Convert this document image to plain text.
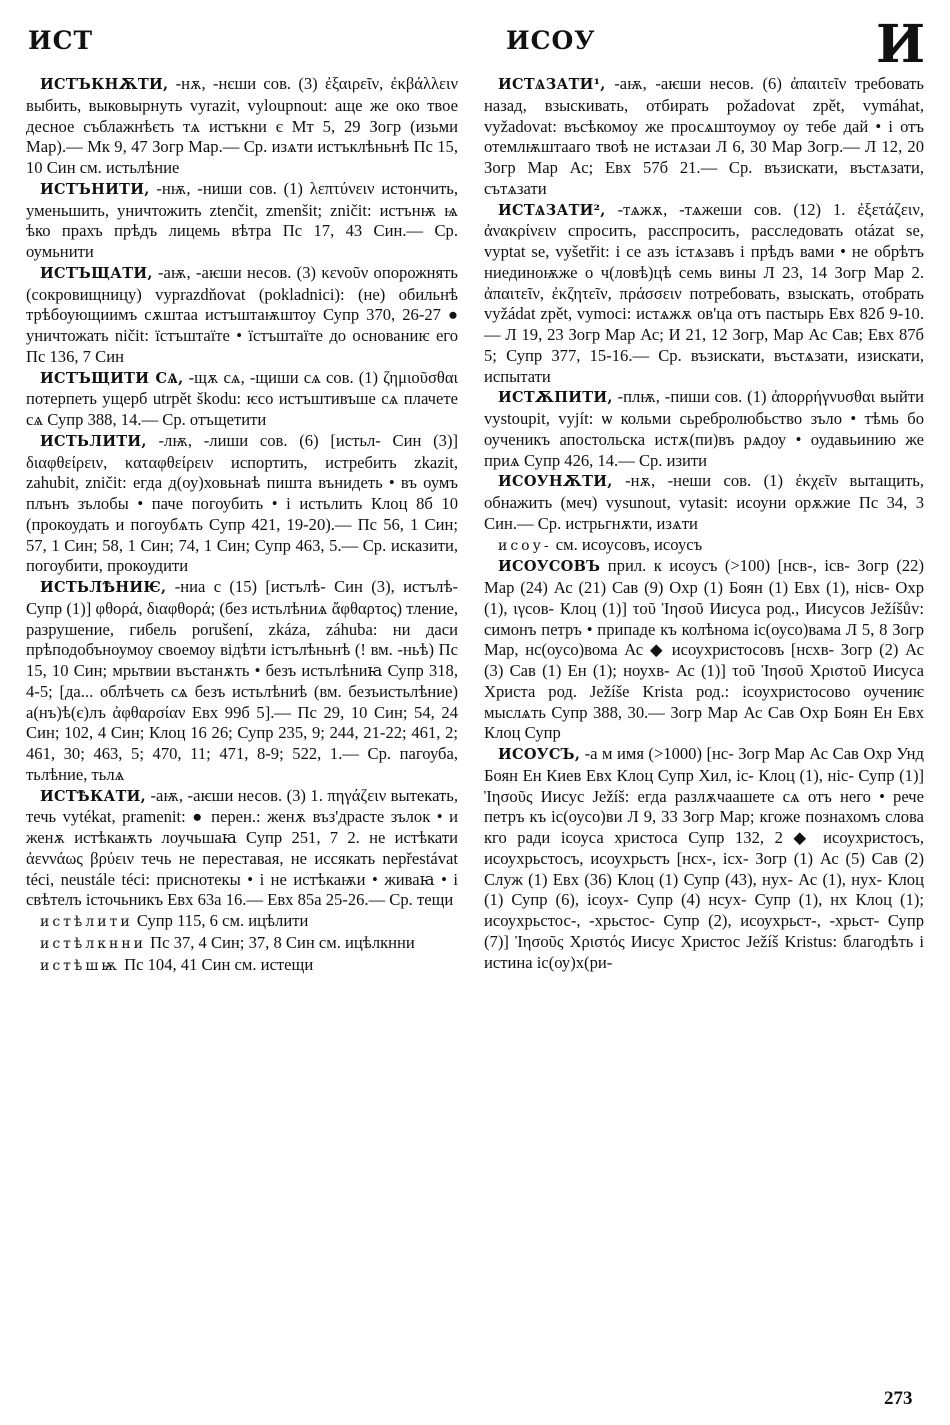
ИСТ	ИСОУ	И

ИСТЪКНѪТИ, -нѫ, -нєши сов. (3) ἐξαιρεῖν, ἐκβάλλειν выбить, выковырнуть vyrazit, vyloupnout: аще же око твое десное съблажнѣєть тѧ истъкни є Мт 5, 29 Зогр (изьми Мар).— Мк 9, 47 Зогр Мар.— Ср. изѧти истъклѣньнѣ Пс 15, 10 Син см. истьлѣние

ИСТЪНИТИ, -нѭ, -ниши сов. (1) λεπτύνειν истончить, уменьшить, уничтожить ztenčit, zmenšit; zničit: истънѭ ѩ ѣко прахъ прѣдъ лицемь вѣтра Пс 17, 43 Син.— Ср. оумьнити

ИСТЪЩАТИ, -аѭ, -аѥши несов. (3) κενοῦν опорожнять (сокровищницу) vyprazdňovat (pokladnici): (не) обильнѣ трѣбоующиимъ сѫштаа истъштаѭштоу Супр 370, 26-27 ● уничтожать ničit: їстъштаїте • їстъштаїте до основаниѥ его Пс 136, 7 Син

ИСТЪЩИТИ СѦ, -щѫ сѧ, -щиши сѧ сов. (1) ζημιοῦσθαι потерпеть ущерб utrpět škodu: ѥсо истъштивъше сѧ плачете сѧ Супр 388, 14.— Ср. отъщетити

ИСТЬЛИТИ, -лѭ, -лиши сов. (6) [истьл- Син (3)] διαφθείρειν, καταφθείρειν испортить, истребить zkazit, zahubit, zničit: егда д(оу)ховьнаѣ пишта вънидеть • въ оумъ плънъ зълобы • паче погоубить • і истьлить Клоц 8б 10 (прокоудать и погоубѧть Супр 421, 19-20).— Пс 56, 1 Син; 57, 1 Син; 58, 1 Син; 74, 1 Син; Супр 463, 5.— Ср. исказити, погоубити, прокоудити

ИСТЬЛѢНИѤ, -ниа с (15) [истълѣ- Син (3), истълѣ- Супр (1)] φθορά, διαφθορά; (без истьлѣниѧ ἄφθαρτος) тление, разрушение, гибель porušení, zkáza, záhuba: ни даси прѣподобъноумоу своемоу відѣти істълѣньнѣ (! вм. -ньѣ) Пс 15, 10 Син; мрьтвии въстанѫть • безъ истьлѣниꙗ Супр 318, 4-5; [да... облѣчеть сѧ безъ истьлѣниѣ (вм. безъистьлѣние) а(нъ)ѣ(є)лъ ἀφθαρσίαν Евх 99б 5].— Пс 29, 10 Син; 54, 24 Син; 102, 4 Син; Клоц 16 26; Супр 235, 9; 244, 21-22; 461, 2; 461, 30; 463, 5; 470, 11; 471, 8-9; 522, 1.— Ср. пагоуба, тьлѣние, тьлѧ

ИСТѢКАТИ, -аѭ, -аѥши несов. (3) 1. πηγάζειν вытекать, течь vytékat, pramenit: ● перен.: женѫ въз'драсте зълок • и женѫ истѣкаѭть лоучьшаꙗ Супр 251, 7 2. не истѣкати ἀεννάως βρύειν течь не переставая, не иссякать nepřestávat téci, neustále téci: приснотекы • і не истѣкаѭи • живаꙗ • і свѣтелъ істочьникъ Евх 63а 16.— Евх 85а 25-26.— Ср. тещи

истѣлити Супр 115, 6 см. ицѣлити

истѣлкнни Пс 37, 4 Син; 37, 8 Син см. ицѣлкнни

истѣшѭ Пс 104, 41 Син см. истещи

ИСТѦЗАТИ¹, -аѭ, -аѥши несов. (6) ἀπαιτεῖν требовать назад, взыскивать, отбирать požadovat zpět, vymáhat, vyžadovat: въсѣкомоу же просѧштоумоу оу тебе дай • і отъ отемлѭштааго твоѣ не истѧзаи Л 6, 30 Мар Зогр.— Л 12, 20 Зогр Мар Ас; Евх 57б 21.— Ср. възискати, въстѧзати, сътѧзати

ИСТѦЗАТИ², -тѧжѫ, -тѧжеши сов. (12) 1. ἐξετάζειν, ἀνακρίνειν спросить, расспросить, расследовать otázat se, vyptat se, vyšetřit: і се азъ істѧзавъ і прѣдъ вами • не обрѣтъ ниединоѭже о ч(ловѣ)цѣ семь вины Л 23, 14 Зогр Мар 2. ἀπαιτεῖν, ἐκζητεῖν, πράσσειν потребовать, взыскать, отобрать vyžádat zpět, vymoci: истѧжѫ ов'ца отъ пастырь Евх 82б 9-10.— Л 19, 23 Зогр Мар Ас; И 21, 12 Зогр, Мар Ас Сав; Евх 87б 5; Супр 377, 15-16.— Ср. възискати, въстѧзати, изискати, испытати

ИСТѪПИТИ, -плѭ, -пиши сов. (1) ἀπορρήγνυσθαι выйти vystoupit, vyjít: ѡ кольми сьребролюбьство зъло • тѣмь бо оученикъ апостольска истѫ(пи)въ рѧдоу • оудавьинию же приѧ Супр 426, 14.— Ср. изити

ИСОУНѪТИ, -нѫ, -неши сов. (1) ἐκχεῖν вытащить, обнажить (меч) vysunout, vytasit: исоуни орѫжие Пс 34, 3 Син.— Ср. истрьгнѫти, изѧти

исоу- см. исоусовъ, исоусъ

ИСОУСОВЪ прил. к исоусъ (>100) [нсв-, ісв- Зогр (22) Мар (24) Ас (21) Сав (9) Охр (1) Боян (1) Евх (1), нісв- Охр (1), ιγсов- Клоц (1)] τοῦ Ἰησοῦ Иисуса род., Иисусов Ježíšův: симонъ петръ • припаде къ колѣнома іс(оусо)вама Л 5, 8 Зогр Мар, нс(оусо)вома Ас ◆ исоухристосовъ [нсхв- Зогр (2) Ас (3) Сав (1) Ен (1); ноухв- Ас (1)] τοῦ Ἰησοῦ Χριστοῦ Иисуса Христа род. Ježíše Krista род.: ісоухристосово оучениѥ мыслѧть Супр 388, 30.— Зогр Мар Ас Сав Охр Боян Ен Евх Клоц Супр

ИСОУСЪ, -а м имя (>1000) [нс- Зогр Мар Ас Сав Охр Унд Боян Ен Киев Евх Клоц Супр Хил, іс- Клоц (1), ніс- Супр (1)] Ἰησοῦς Иисус Ježíš: егда разлѫчаашете сѧ отъ него • рече петръ къ іс(оусо)ви Л 9, 33 Зогр Мар; кгоже познахомъ слова кго ради ісоуса христоса Супр 132, 2 ◆ исоухристосъ, исоухрьстосъ, исоухрьстъ [нсх-, ісх- Зогр (1) Ас (5) Сав (2) Служ (1) Евх (36) Клоц (1) Супр (43), нух- Ас (1), нух- Клоц (1) Супр (6), ісоух- Супр (4) нсух- Супр (1), нх Клоц (1); исоухрьстос-, -хрьстос- Супр (2), исоухрьст-, -хрьст- Супр (7)] Ἰησοῦς Χριστός Иисус Христос Ježíš Kristus: благодѣть і истина іс(оу)х(ри-

273
